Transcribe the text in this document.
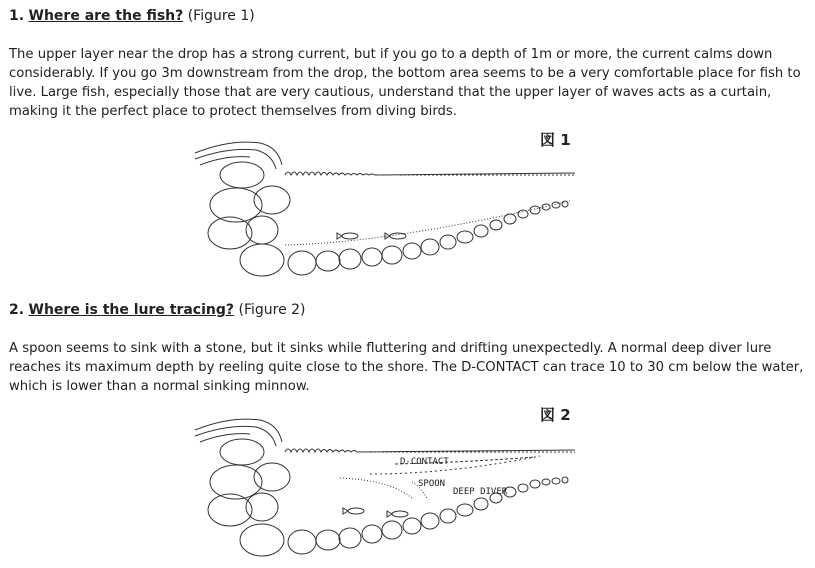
1. Where are the fish? (Figure 1)

The upper layer near the drop has a strong current, but if you go to a depth of 1m or more, the current calms down considerably. If you go 3m downstream from the drop, the bottom area seems to be a very comfortable place for fish to live. Large fish, especially those that are very cautious, understand that the upper layer of waves acts as a curtain, making it the perfect place to protect themselves from diving birds.

図 1
2. Where is the lure tracing? (Figure 2)

A spoon seems to sink with a stone, but it sinks while fluttering and drifting unexpectedly. A normal deep diver lure reaches its maximum depth by reeling quite close to the shore. The D-CONTACT can trace 10 to 30 cm below the water, which is lower than a normal sinking minnow.

図 2
D-CONTACT
SPOON
DEEP DIVER
